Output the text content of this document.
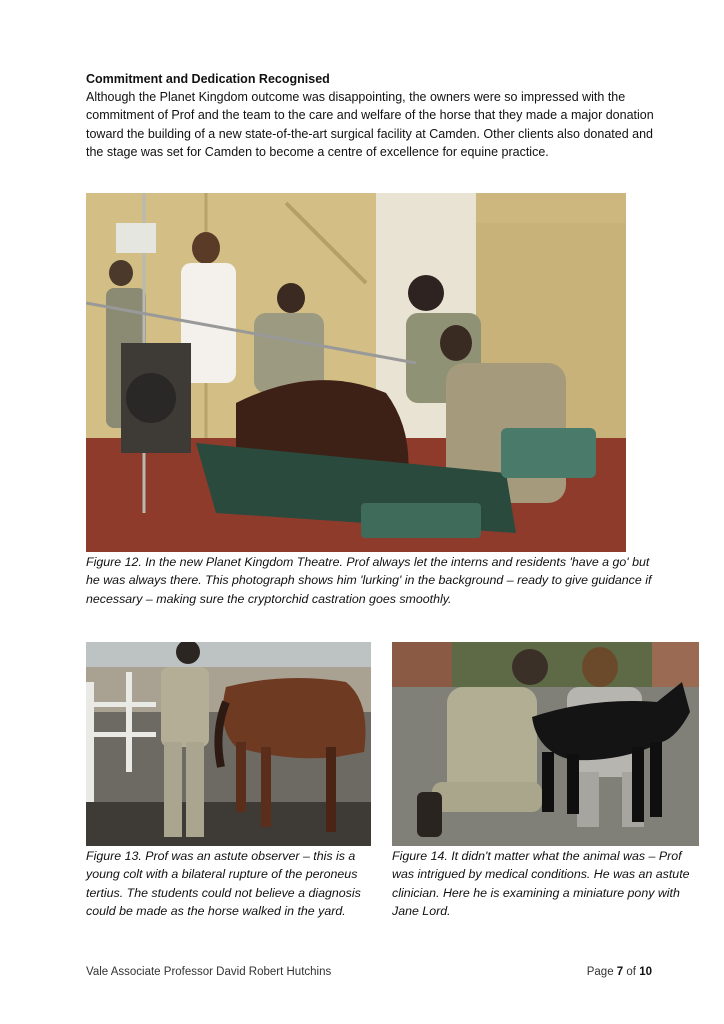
Commitment and Dedication Recognised

Although the Planet Kingdom outcome was disappointing, the owners were so impressed with the commitment of Prof and the team to the care and welfare of the horse that they made a major donation toward the building of a new state-of-the-art surgical facility at Camden. Other clients also donated and the stage was set for Camden to become a centre of excellence for equine practice.

Figure 12. In the new Planet Kingdom Theatre. Prof always let the interns and residents 'have a go' but he was always there. This photograph shows him 'lurking' in the background – ready to give guidance if necessary – making sure the cryptorchid castration goes smoothly.

Figure 13. Prof was an astute observer – this is a young colt with a bilateral rupture of the peroneus tertius. The students could not believe a diagnosis could be made as the horse walked in the yard.

Figure 14. It didn't matter what the animal was – Prof was intrigued by medical conditions. He was an astute clinician. Here he is examining a miniature pony with Jane Lord.

Vale Associate Professor David Robert Hutchins	Page 7 of 10
